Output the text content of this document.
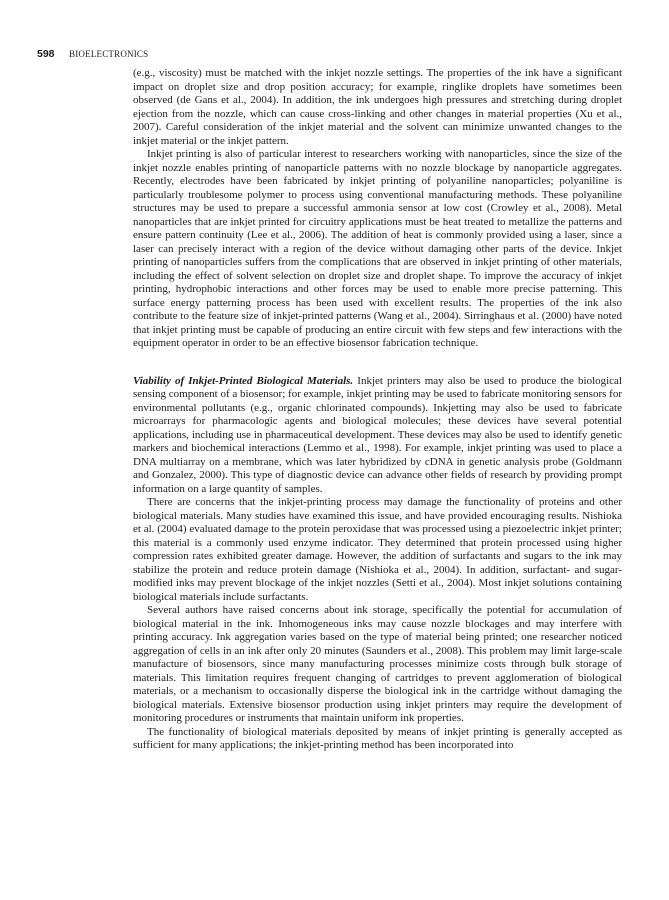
598 BIOELECTRONICS

(e.g., viscosity) must be matched with the inkjet nozzle settings. The properties of the ink have a significant impact on droplet size and drop position accuracy; for example, ringlike droplets have sometimes been observed (de Gans et al., 2004). In addition, the ink undergoes high pressures and stretching during droplet ejection from the nozzle, which can cause cross-linking and other changes in material properties (Xu et al., 2007). Careful consideration of the inkjet material and the solvent can minimize unwanted changes to the inkjet material or the inkjet pattern.

Inkjet printing is also of particular interest to researchers working with nanoparticles, since the size of the inkjet nozzle enables printing of nanoparticle patterns with no nozzle blockage by nanoparticle aggregates. Recently, electrodes have been fabricated by inkjet printing of polyaniline nanoparticles; polyaniline is particularly troublesome polymer to process using conventional manufacturing methods. These polyaniline structures may be used to prepare a successful ammonia sensor at low cost (Crowley et al., 2008). Metal nanoparticles that are inkjet printed for circuitry applications must be heat treated to metallize the patterns and ensure pattern continuity (Lee et al., 2006). The addition of heat is commonly provided using a laser, since a laser can precisely interact with a region of the device without damaging other parts of the device. Inkjet printing of nanoparticles suffers from the complications that are observed in inkjet printing of other materials, including the effect of solvent selection on droplet size and droplet shape. To improve the accuracy of inkjet printing, hydrophobic interactions and other forces may be used to enable more precise patterning. This surface energy patterning process has been used with excellent results. The properties of the ink also contribute to the feature size of inkjet-printed patterns (Wang et al., 2004). Sirringhaus et al. (2000) have noted that inkjet printing must be capable of producing an entire circuit with few steps and few interactions with the equipment operator in order to be an effective biosensor fabrication technique.

Viability of Inkjet-Printed Biological Materials. Inkjet printers may also be used to produce the biological sensing component of a biosensor; for example, inkjet printing may be used to fabricate monitoring sensors for environmental pollutants (e.g., organic chlorinated compounds). Inkjetting may also be used to fabricate microarrays for pharmacologic agents and biological molecules; these devices have several potential applications, including use in pharmaceutical development. These devices may also be used to identify genetic markers and biochemical interactions (Lemmo et al., 1998). For example, inkjet printing was used to place a DNA multiarray on a membrane, which was later hybridized by cDNA in genetic analysis probe (Goldmann and Gonzalez, 2000). This type of diagnostic device can advance other fields of research by providing prompt information on a large quantity of samples.

There are concerns that the inkjet-printing process may damage the functionality of proteins and other biological materials. Many studies have examined this issue, and have provided encouraging results. Nishioka et al. (2004) evaluated damage to the protein peroxidase that was processed using a piezoelectric inkjet printer; this material is a commonly used enzyme indicator. They determined that protein processed using higher compression rates exhibited greater damage. However, the addition of surfactants and sugars to the ink may stabilize the protein and reduce protein damage (Nishioka et al., 2004). In addition, surfactant- and sugar-modified inks may prevent blockage of the inkjet nozzles (Setti et al., 2004). Most inkjet solutions containing biological materials include surfactants.

Several authors have raised concerns about ink storage, specifically the potential for accumulation of biological material in the ink. Inhomogeneous inks may cause nozzle blockages and may interfere with printing accuracy. Ink aggregation varies based on the type of material being printed; one researcher noticed aggregation of cells in an ink after only 20 minutes (Saunders et al., 2008). This problem may limit large-scale manufacture of biosensors, since many manufacturing processes minimize costs through bulk storage of materials. This limitation requires frequent changing of cartridges to prevent agglomeration of biological materials, or a mechanism to occasionally disperse the biological ink in the cartridge without damaging the biological materials. Extensive biosensor production using inkjet printers may require the development of monitoring procedures or instruments that maintain uniform ink properties.

The functionality of biological materials deposited by means of inkjet printing is generally accepted as sufficient for many applications; the inkjet-printing method has been incorporated into
